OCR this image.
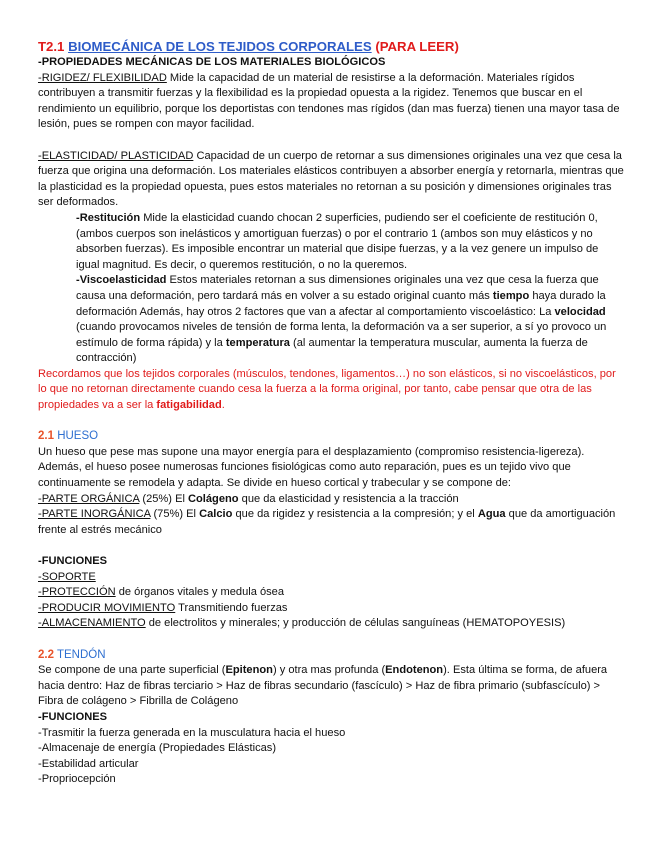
T2.1 BIOMECÁNICA DE LOS TEJIDOS CORPORALES (PARA LEER)

-PROPIEDADES MECÁNICAS DE LOS MATERIALES BIOLÓGICOS

-RIGIDEZ/ FLEXIBILIDAD Mide la capacidad de un material de resistirse a la deformación. Materiales rígidos contribuyen a transmitir fuerzas y la flexibilidad es la propiedad opuesta a la rigidez. Tenemos que buscar en el rendimiento un equilibrio, porque los deportistas con tendones mas rígidos (dan mas fuerza) tienen una mayor tasa de lesión, pues se rompen con mayor facilidad.

-ELASTICIDAD/ PLASTICIDAD Capacidad de un cuerpo de retornar a sus dimensiones originales una vez que cesa la fuerza que origina una deformación. Los materiales elásticos contribuyen a absorber energía y retornarla, mientras que la plasticidad es la propiedad opuesta, pues estos materiales no retornan a su posición y dimensiones originales tras ser deformados.

-Restitución Mide la elasticidad cuando chocan 2 superficies, pudiendo ser el coeficiente de restitución 0, (ambos cuerpos son inelásticos y amortiguan fuerzas) o por el contrario 1 (ambos son muy elásticos y no absorben fuerzas). Es imposible encontrar un material que disipe fuerzas, y a la vez genere un impulso de igual magnitud. Es decir, o queremos restitución, o no la queremos.

-Viscoelasticidad Estos materiales retornan a sus dimensiones originales una vez que cesa la fuerza que causa una deformación, pero tardará más en volver a su estado original cuanto más tiempo haya durado la deformación Además, hay otros 2 factores que van a afectar al comportamiento viscoelástico: La velocidad (cuando provocamos niveles de tensión de forma lenta, la deformación va a ser superior, a sí yo provoco un estímulo de forma rápida) y la temperatura (al aumentar la temperatura muscular, aumenta la fuerza de contracción)

Recordamos que los tejidos corporales (músculos, tendones, ligamentos…) no son elásticos, si no viscoelásticos, por lo que no retornan directamente cuando cesa la fuerza a la forma original, por tanto, cabe pensar que otra de las propiedades va a ser la fatigabilidad.

2.1 HUESO

Un hueso que pese mas supone una mayor energía para el desplazamiento (compromiso resistencia-ligereza). Además, el hueso posee numerosas funciones fisiológicas como auto reparación, pues es un tejido vivo que continuamente se remodela y adapta. Se divide en hueso cortical y trabecular y se compone de:

-PARTE ORGÁNICA (25%) El Colágeno que da elasticidad y resistencia a la tracción

-PARTE INORGÁNICA (75%) El Calcio que da rigidez y resistencia a la compresión; y el Agua que da amortiguación frente al estrés mecánico

-FUNCIONES

-SOPORTE

-PROTECCIÓN de órganos vitales y medula ósea

-PRODUCIR MOVIMIENTO Transmitiendo fuerzas

-ALMACENAMIENTO de electrolitos y minerales; y producción de células sanguíneas (HEMATOPOYESIS)

2.2 TENDÓN

Se compone de una parte superficial (Epitenon) y otra mas profunda (Endotenon). Esta última se forma, de afuera hacia dentro: Haz de fibras terciario > Haz de fibras secundario (fascículo) > Haz de fibra primario (subfascículo) > Fibra de colágeno > Fibrilla de Colágeno

-FUNCIONES

-Trasmitir la fuerza generada en la musculatura hacia el hueso

-Almacenaje de energía (Propiedades Elásticas)

-Estabilidad articular

-Propriocepción
